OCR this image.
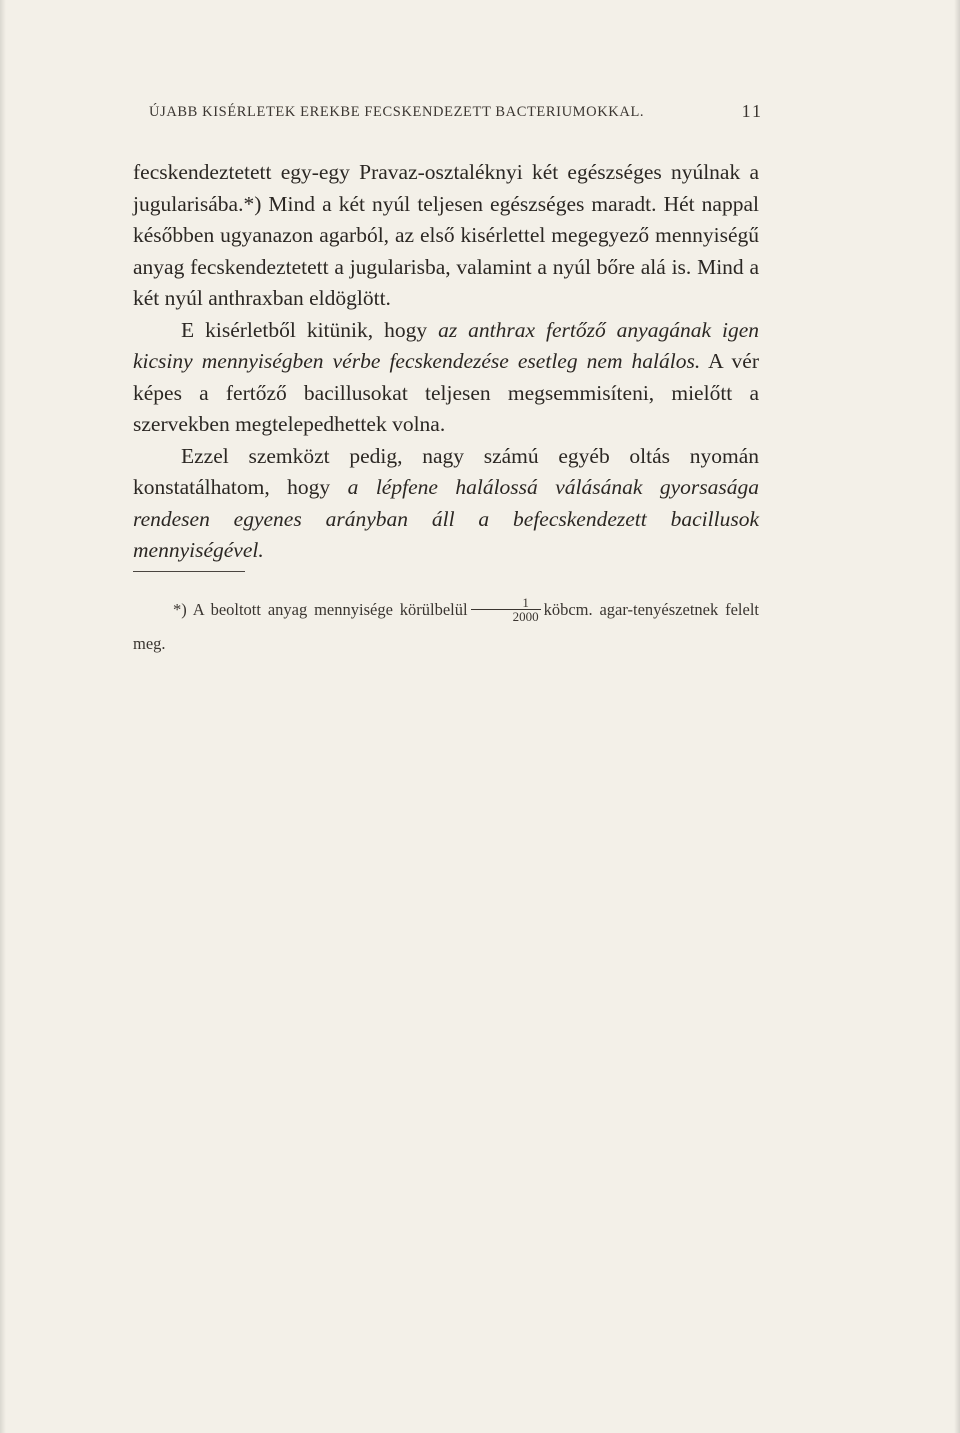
ÚJABB KISÉRLETEK EREKBE FECSKENDEZETT BACTERIUMOKKAL.	11

fecskendeztetett egy-egy Pravaz-osztaléknyi két egészséges nyúlnak a jugularisába.*) Mind a két nyúl teljesen egészséges maradt. Hét nappal későbben ugyanazon agarból, az első kisérlettel megegyező mennyiségű anyag fecskendeztetett a jugularisba, valamint a nyúl bőre alá is. Mind a két nyúl anthraxban eldöglött.

E kisérletből kitünik, hogy az anthrax fertőző anyagának igen kicsiny mennyiségben vérbe fecskendezése esetleg nem halálos. A vér képes a fertőző bacillusokat teljesen megsemmisíteni, mielőtt a szervekben megtelepedhettek volna.

Ezzel szemközt pedig, nagy számú egyéb oltás nyomán konstatálhatom, hogy a lépfene halálossá válásának gyorsasága rendesen egyenes arányban áll a befecskendezett bacillusok mennyiségével.

*) A beoltott anyag mennyisége körülbelül $\frac{1}{2000}$ köbcm. agar-tenyészetnek felelt meg.
